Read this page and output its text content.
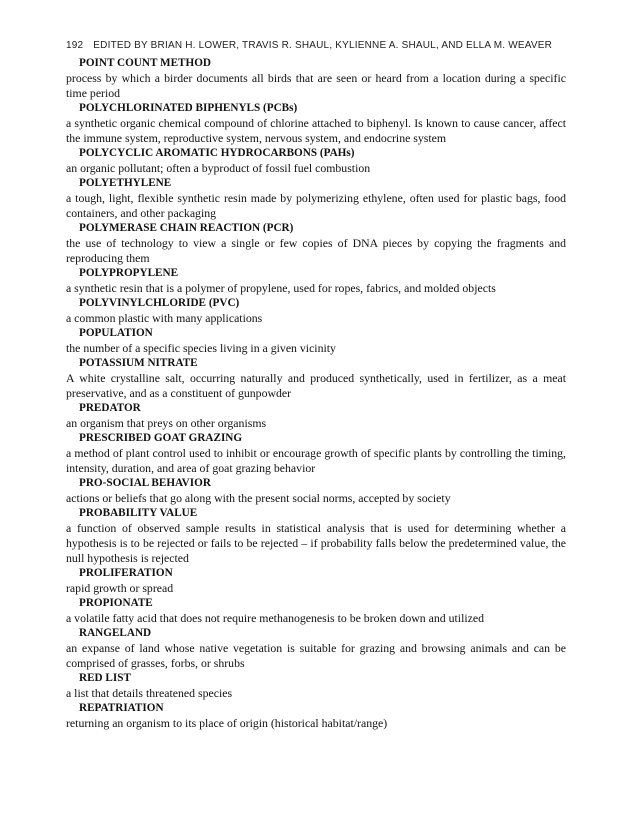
192 EDITED BY BRIAN H. LOWER, TRAVIS R. SHAUL, KYLIENNE A. SHAUL, AND ELLA M. WEAVER

POINT COUNT METHOD

process by which a birder documents all birds that are seen or heard from a location during a specific time period

POLYCHLORINATED BIPHENYLS (PCBs)

a synthetic organic chemical compound of chlorine attached to biphenyl. Is known to cause cancer, affect the immune system, reproductive system, nervous system, and endocrine system

POLYCYCLIC AROMATIC HYDROCARBONS (PAHs)

an organic pollutant; often a byproduct of fossil fuel combustion

POLYETHYLENE

a tough, light, flexible synthetic resin made by polymerizing ethylene, often used for plastic bags, food containers, and other packaging

POLYMERASE CHAIN REACTION (PCR)

the use of technology to view a single or few copies of DNA pieces by copying the fragments and reproducing them

POLYPROPYLENE

a synthetic resin that is a polymer of propylene, used for ropes, fabrics, and molded objects

POLYVINYLCHLORIDE (PVC)

a common plastic with many applications

POPULATION

the number of a specific species living in a given vicinity

POTASSIUM NITRATE

A white crystalline salt, occurring naturally and produced synthetically, used in fertilizer, as a meat preservative, and as a constituent of gunpowder

PREDATOR

an organism that preys on other organisms

PRESCRIBED GOAT GRAZING

a method of plant control used to inhibit or encourage growth of specific plants by controlling the timing, intensity, duration, and area of goat grazing behavior

PRO-SOCIAL BEHAVIOR

actions or beliefs that go along with the present social norms, accepted by society

PROBABILITY VALUE

a function of observed sample results in statistical analysis that is used for determining whether a hypothesis is to be rejected or fails to be rejected – if probability falls below the predetermined value, the null hypothesis is rejected

PROLIFERATION

rapid growth or spread

PROPIONATE

a volatile fatty acid that does not require methanogenesis to be broken down and utilized

RANGELAND

an expanse of land whose native vegetation is suitable for grazing and browsing animals and can be comprised of grasses, forbs, or shrubs

RED LIST

a list that details threatened species

REPATRIATION

returning an organism to its place of origin (historical habitat/range)
